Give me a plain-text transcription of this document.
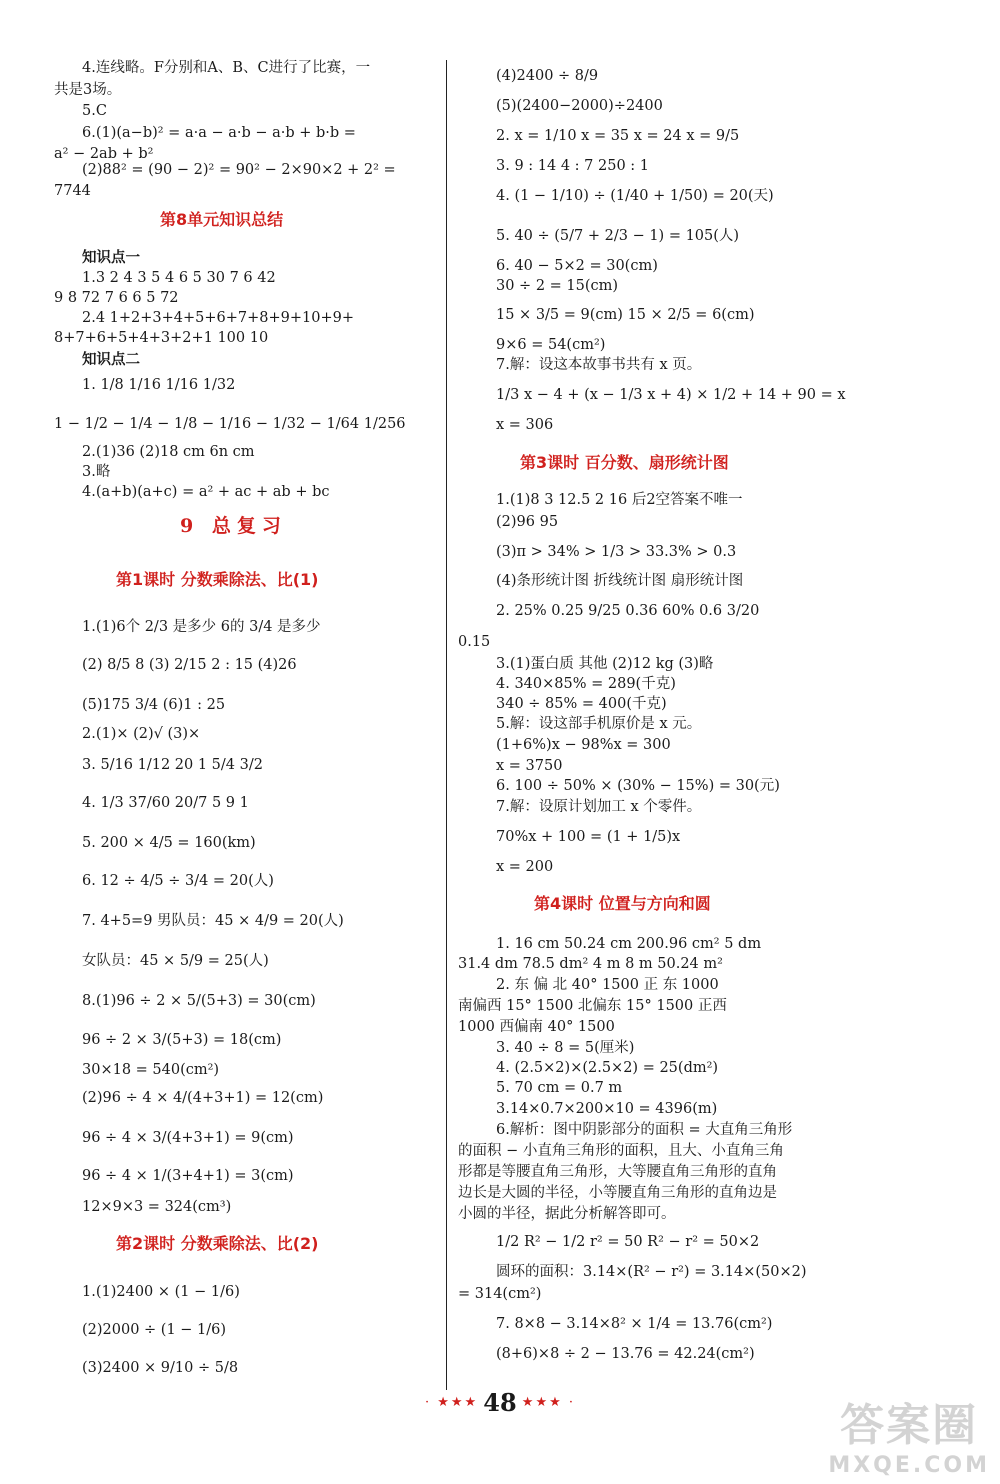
4.连线略。F分别和A、B、C进行了比赛，一
共是3场。
5.C
6.(1)(a−b)² = a·a − a·b − a·b + b·b =
a² − 2ab + b²
(2)88² = (90 − 2)² = 90² − 2×90×2 + 2² =
7744
知识点一
1.3 2 4 3 5 4 6 5 30 7 6 42
9 8 72 7 6 6 5 72
2.4 1+2+3+4+5+6+7+8+9+10+9+
8+7+6+5+4+3+2+1 100 10
知识点二
1. 1/8 1/16 1/16 1/32
1 − 1/2 − 1/4 − 1/8 − 1/16 − 1/32 − 1/64 1/256
2.(1)36 (2)18 cm 6n cm
3.略
4.(a+b)(a+c) = a² + ac + ab + bc
1.(1)6个 2/3 是多少 6的 3/4 是多少
(2) 8/5 8 (3) 2/15 2 : 15 (4)26
(5)175 3/4 (6)1 : 25
2.(1)× (2)√ (3)×
3. 5/16 1/12 20 1 5/4 3/2
4. 1/3 37/60 20/7 5 9 1
5. 200 × 4/5 = 160(km)
6. 12 ÷ 4/5 ÷ 3/4 = 20(人)
7. 4+5=9 男队员：45 × 4/9 = 20(人)
女队员：45 × 5/9 = 25(人)
8.(1)96 ÷ 2 × 5/(5+3) = 30(cm)
96 ÷ 2 × 3/(5+3) = 18(cm)
30×18 = 540(cm²)
(2)96 ÷ 4 × 4/(4+3+1) = 12(cm)
96 ÷ 4 × 3/(4+3+1) = 9(cm)
96 ÷ 4 × 1/(3+4+1) = 3(cm)
12×9×3 = 324(cm³)
1.(1)2400 × (1 − 1/6)
(2)2000 ÷ (1 − 1/6)
(3)2400 × 9/10 ÷ 5/8
第8单元知识总结
9 总复习
第1课时 分数乘除法、比(1)
第2课时 分数乘除法、比(2)
(4)2400 ÷ 8/9
(5)(2400−2000)÷2400
2. x = 1/10 x = 35 x = 24 x = 9/5
3. 9 : 14 4 : 7 250 : 1
4. (1 − 1/10) ÷ (1/40 + 1/50) = 20(天)
5. 40 ÷ (5/7 + 2/3 − 1) = 105(人)
6. 40 − 5×2 = 30(cm)
30 ÷ 2 = 15(cm)
15 × 3/5 = 9(cm) 15 × 2/5 = 6(cm)
9×6 = 54(cm²)
7.解：设这本故事书共有 x 页。
1/3 x − 4 + (x − 1/3 x + 4) × 1/2 + 14 + 90 = x
x = 306
1.(1)8 3 12.5 2 16 后2空答案不唯一
(2)96 95
(3)π > 34% > 1/3 > 33.3% > 0.3
(4)条形统计图 折线统计图 扇形统计图
2. 25% 0.25 9/25 0.36 60% 0.6 3/20
0.15
3.(1)蛋白质 其他 (2)12 kg (3)略
4. 340×85% = 289(千克)
340 ÷ 85% = 400(千克)
5.解：设这部手机原价是 x 元。
(1+6%)x − 98%x = 300
x = 3750
6. 100 ÷ 50% × (30% − 15%) = 30(元)
7.解：设原计划加工 x 个零件。
70%x + 100 = (1 + 1/5)x
x = 200
1. 16 cm 50.24 cm 200.96 cm² 5 dm
31.4 dm 78.5 dm² 4 m 8 m 50.24 m²
2. 东 偏 北 40° 1500 正 东 1000
南偏西 15° 1500 北偏东 15° 1500 正西
1000 西偏南 40° 1500
3. 40 ÷ 8 = 5(厘米)
4. (2.5×2)×(2.5×2) = 25(dm²)
5. 70 cm = 0.7 m
3.14×0.7×200×10 = 4396(m)
6.解析：图中阴影部分的面积 = 大直角三角形
的面积 − 小直角三角形的面积，且大、小直角三角
形都是等腰直角三角形，大等腰直角三角形的直角
边长是大圆的半径，小等腰直角三角形的直角边是
小圆的半径，据此分析解答即可。
1/2 R² − 1/2 r² = 50 R² − r² = 50×2
圆环的面积：3.14×(R² − r²) = 3.14×(50×2)
= 314(cm²)
7. 8×8 − 3.14×8² × 1/4 = 13.76(cm²)
(8+6)×8 ÷ 2 − 13.76 = 42.24(cm²)
第3课时 百分数、扇形统计图
第4课时 位置与方向和圆
· ★★★ 48 ★★★ ·	答案圈
MXQE.COM
